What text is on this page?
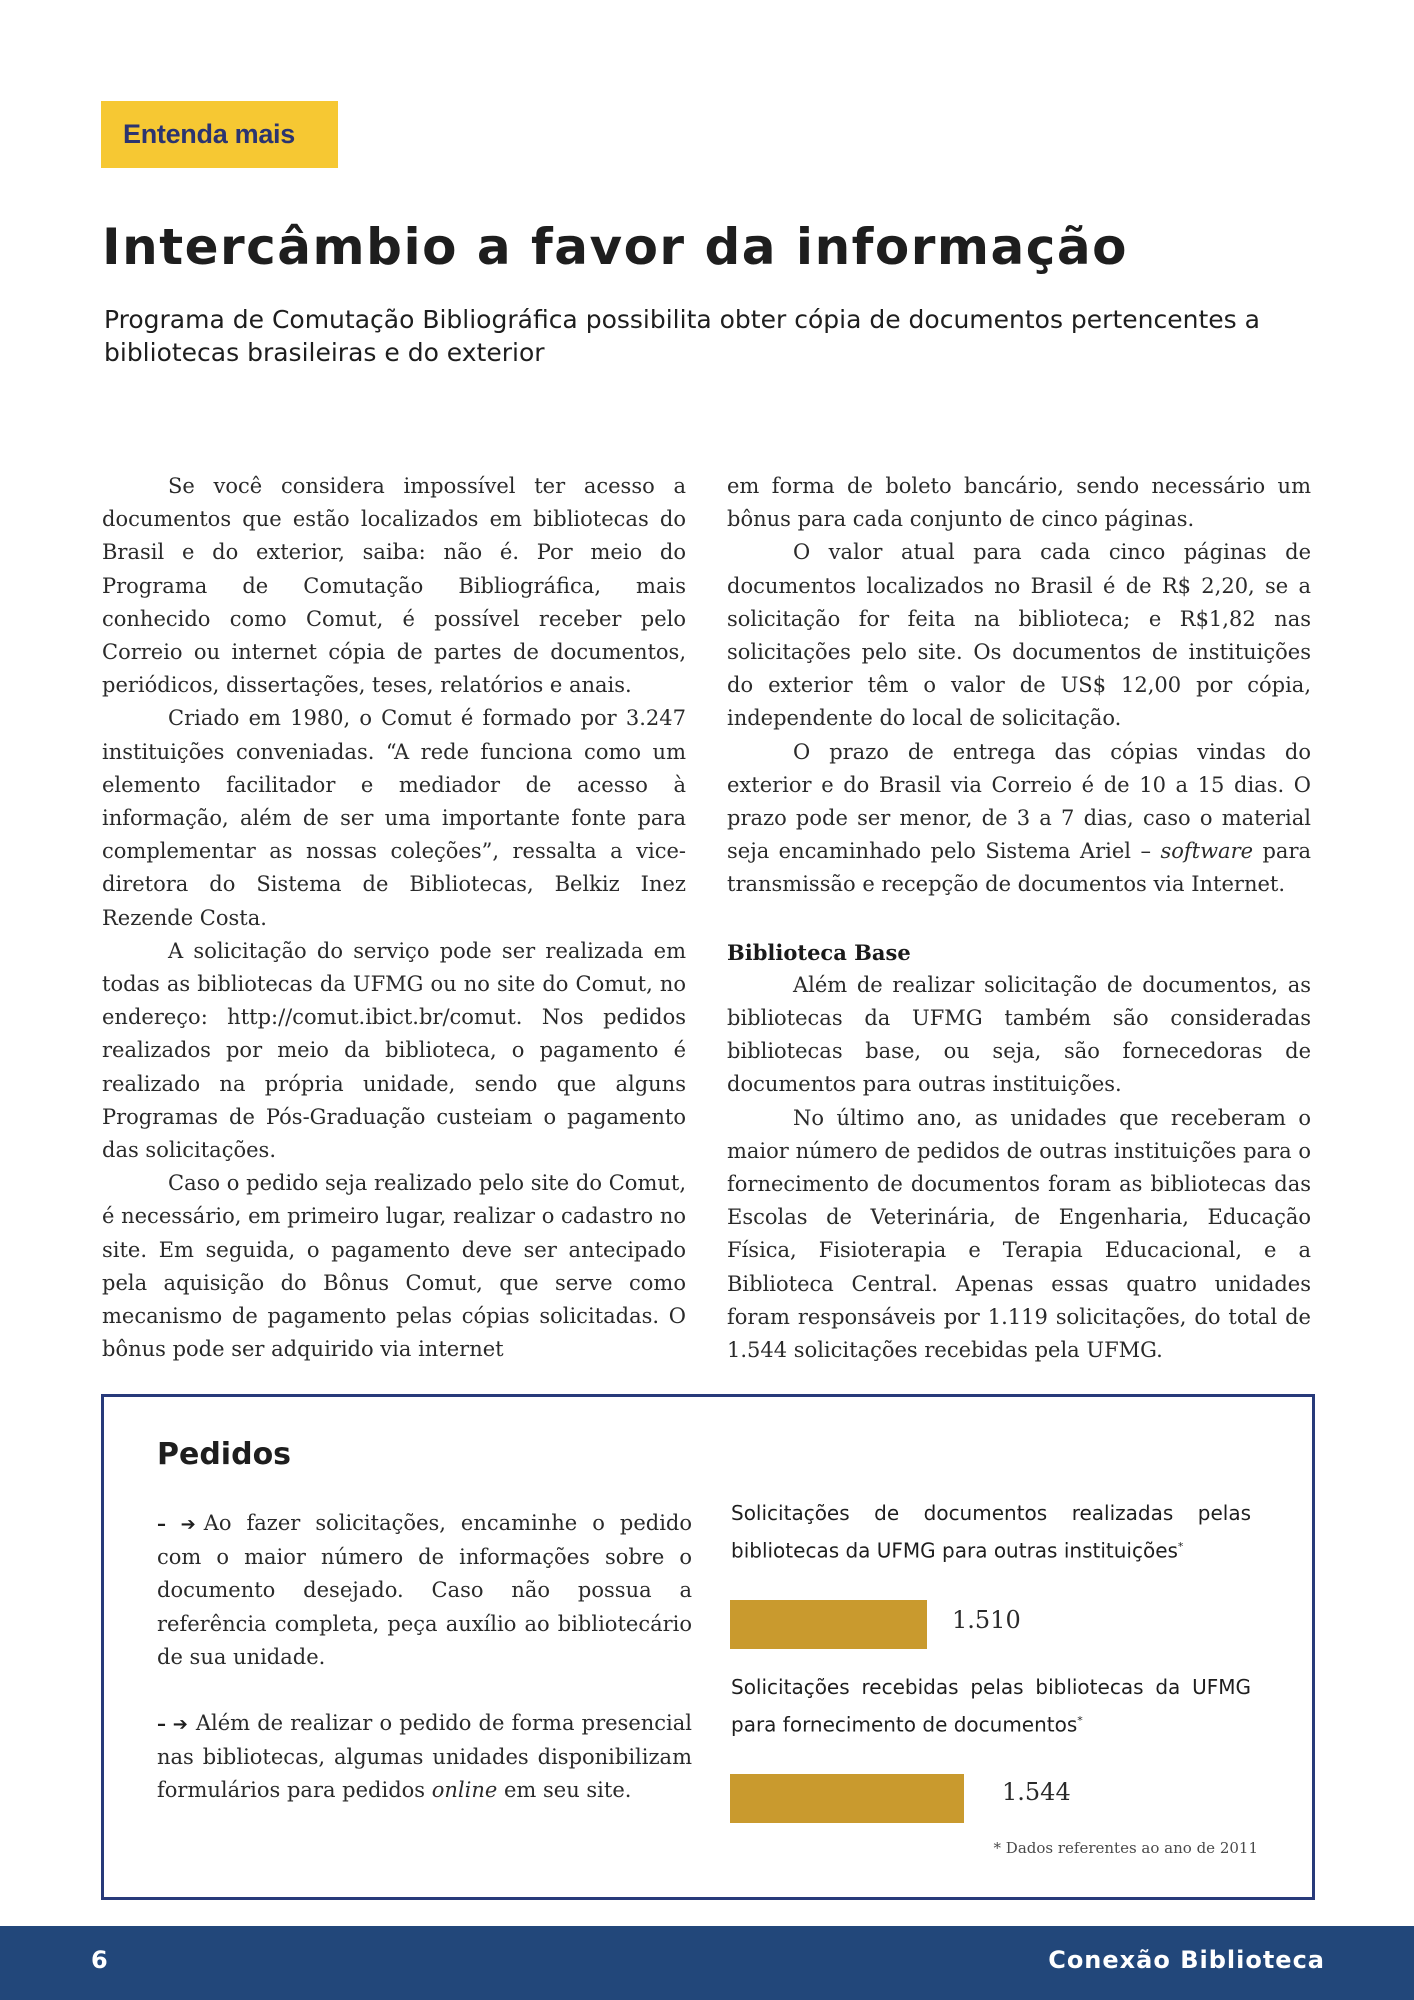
Entenda mais
Intercâmbio a favor da informação

Programa de Comutação Bibliográfica possibilita obter cópia de documentos pertencentes a bibliotecas brasileiras e do exterior

Se você considera impossível ter acesso a documentos que estão localizados em bibliotecas do Brasil e do exterior, saiba: não é. Por meio do Programa de Comutação Bibliográfica, mais conhecido como Comut, é possível receber pelo Correio ou internet cópia de partes de documentos, periódicos, dissertações, teses, relatórios e anais.

Criado em 1980, o Comut é formado por 3.247 instituições conveniadas. “A rede funciona como um elemento facilitador e mediador de acesso à informação, além de ser uma importante fonte para complementar as nossas coleções”, ressalta a vice-diretora do Sistema de Bibliotecas, Belkiz Inez Rezende Costa.

A solicitação do serviço pode ser realizada em todas as bibliotecas da UFMG ou no site do Comut, no endereço: http://comut.ibict.br/comut. Nos pedidos realizados por meio da biblioteca, o pagamento é realizado na própria unidade, sendo que alguns Programas de Pós-Graduação custeiam o pagamento das solicitações.

Caso o pedido seja realizado pelo site do Comut, é necessário, em primeiro lugar, realizar o cadastro no site. Em seguida, o pagamento deve ser antecipado pela aquisição do Bônus Comut, que serve como mecanismo de pagamento pelas cópias solicitadas. O bônus pode ser adquirido via internet

em forma de boleto bancário, sendo necessário um bônus para cada conjunto de cinco páginas.

O valor atual para cada cinco páginas de documentos localizados no Brasil é de R$ 2,20, se a solicitação for feita na biblioteca; e R$1,82 nas solicitações pelo site. Os documentos de instituições do exterior têm o valor de US$ 12,00 por cópia, independente do local de solicitação.

O prazo de entrega das cópias vindas do exterior e do Brasil via Correio é de 10 a 15 dias. O prazo pode ser menor, de 3 a 7 dias, caso o material seja encaminhado pelo Sistema Ariel – software para transmissão e recepção de documentos via Internet.

Biblioteca Base

Além de realizar solicitação de documentos, as bibliotecas da UFMG também são consideradas bibliotecas base, ou seja, são fornecedoras de documentos para outras instituições.

No último ano, as unidades que receberam o maior número de pedidos de outras instituições para o fornecimento de documentos foram as bibliotecas das Escolas de Veterinária, de Engenharia, Educação Física, Fisioterapia e Terapia Educacional, e a Biblioteca Central. Apenas essas quatro unidades foram responsáveis por 1.119 solicitações, do total de 1.544 solicitações recebidas pela UFMG.

Pedidos

– ➔ Ao fazer solicitações, encaminhe o pedido com o maior número de informações sobre o documento desejado. Caso não possua a referência completa, peça auxílio ao bibliotecário de sua unidade.

– ➔ Além de realizar o pedido de forma presencial nas bibliotecas, algumas unidades disponibilizam formulários para pedidos online em seu site.

Solicitações de documentos realizadas pelas bibliotecas da UFMG para outras instituições*

1.510

Solicitações recebidas pelas bibliotecas da UFMG para fornecimento de documentos*

1.544
* Dados referentes ao ano de 2011
6	Conexão Biblioteca
